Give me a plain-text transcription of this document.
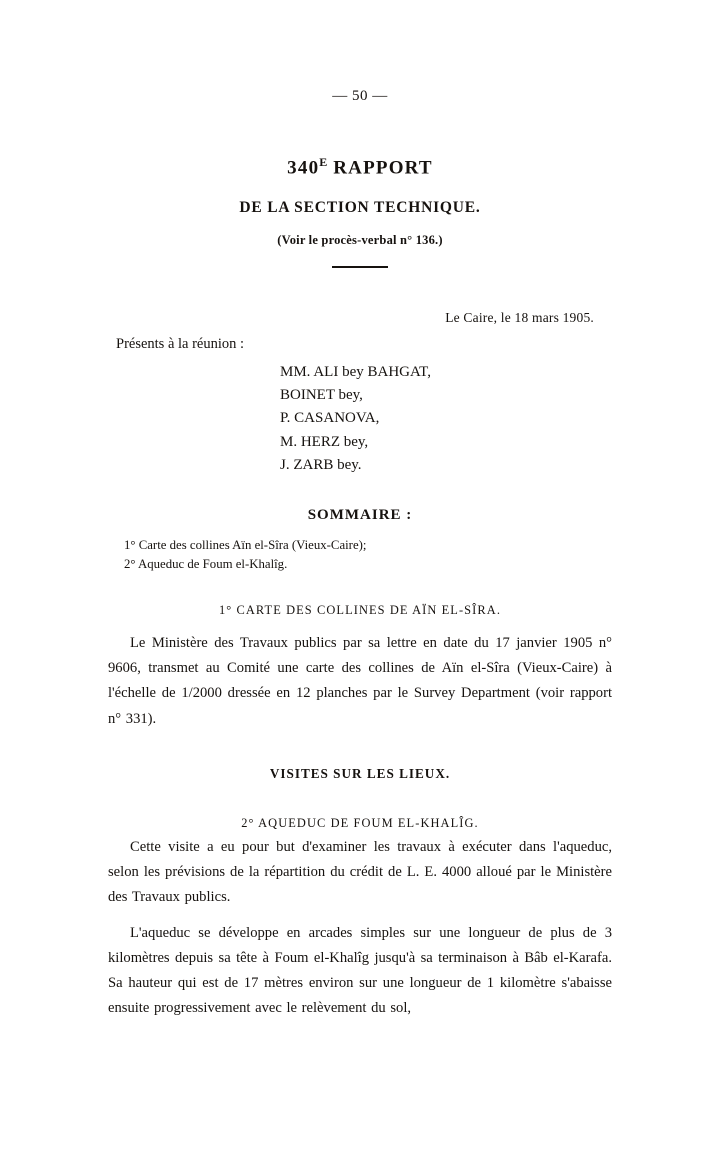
— 50 —
$340^E$ RAPPORT
DE LA SECTION TECHNIQUE.
(Voir le procès-verbal n° 136.)
Le Caire, le 18 mars 1905.
Présents à la réunion :
MM. ALI bey BAHGAT,
BOINET bey,
P. CASANOVA,
M. HERZ bey,
J. ZARB bey.
SOMMAIRE :
1° Carte des collines Aïn el-Sîra (Vieux-Caire);
2° Aqueduc de Foum el-Khalîg.
1° CARTE DES COLLINES DE AÏN EL-SÎRA.

Le Ministère des Travaux publics par sa lettre en date du 17 janvier 1905 n° 9606, transmet au Comité une carte des collines de Aïn el-Sîra (Vieux-Caire) à l'échelle de 1/2000 dressée en 12 planches par le Survey Department (voir rapport n° 331).

VISITES SUR LES LIEUX.
2° AQUEDUC DE FOUM EL-KHALÎG.

Cette visite a eu pour but d'examiner les travaux à exécuter dans l'aqueduc, selon les prévisions de la répartition du crédit de L. E. 4000 alloué par le Ministère des Travaux publics.

L'aqueduc se développe en arcades simples sur une longueur de plus de 3 kilomètres depuis sa tête à Foum el-Khalîg jusqu'à sa terminaison à Bâb el-Karafa. Sa hauteur qui est de 17 mètres environ sur une longueur de 1 kilomètre s'abaisse ensuite progressivement avec le relèvement du sol,
